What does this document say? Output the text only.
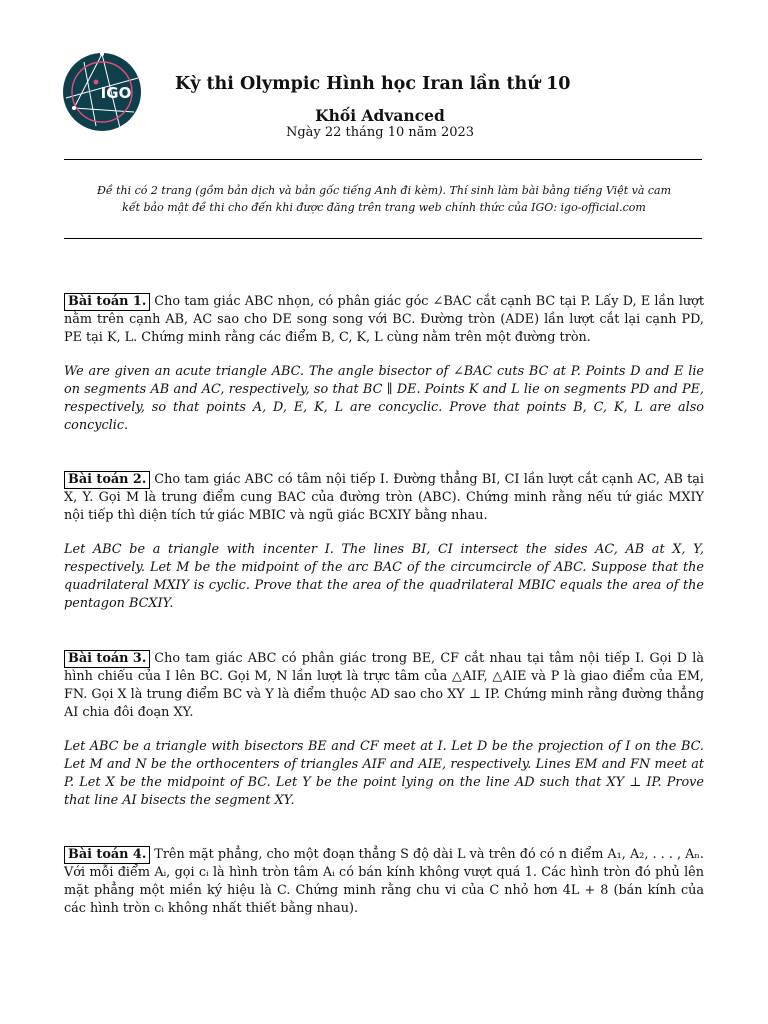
IGO Kỳ thi Olympic Hình học Iran lần thứ 10
Khối Advanced
Ngày 22 tháng 10 năm 2023
Đề thi có 2 trang (gồm bản dịch và bản gốc tiếng Anh đi kèm). Thí sinh làm bài bằng tiếng Việt và cam kết bảo mật đề thi cho đến khi được đăng trên trang web chính thức của IGO: igo-official.com

Bài toán 1. Cho tam giác ABC nhọn, có phân giác góc ∠BAC cắt cạnh BC tại P. Lấy D, E lần lượt nằm trên cạnh AB, AC sao cho DE song song với BC. Đường tròn (ADE) lần lượt cắt lại cạnh PD, PE tại K, L. Chứng minh rằng các điểm B, C, K, L cùng nằm trên một đường tròn.

We are given an acute triangle ABC. The angle bisector of ∠BAC cuts BC at P. Points D and E lie on segments AB and AC, respectively, so that BC ∥ DE. Points K and L lie on segments PD and PE, respectively, so that points A, D, E, K, L are concyclic. Prove that points B, C, K, L are also concyclic.

Bài toán 2. Cho tam giác ABC có tâm nội tiếp I. Đường thẳng BI, CI lần lượt cắt cạnh AC, AB tại X, Y. Gọi M là trung điểm cung BAC của đường tròn (ABC). Chứng minh rằng nếu tứ giác MXIY nội tiếp thì diện tích tứ giác MBIC và ngũ giác BCXIY bằng nhau.

Let ABC be a triangle with incenter I. The lines BI, CI intersect the sides AC, AB at X, Y, respectively. Let M be the midpoint of the arc BAC of the circumcircle of ABC. Suppose that the quadrilateral MXIY is cyclic. Prove that the area of the quadrilateral MBIC equals the area of the pentagon BCXIY.

Bài toán 3. Cho tam giác ABC có phân giác trong BE, CF cắt nhau tại tâm nội tiếp I. Gọi D là hình chiếu của I lên BC. Gọi M, N lần lượt là trực tâm của △AIF, △AIE và P là giao điểm của EM, FN. Gọi X là trung điểm BC và Y là điểm thuộc AD sao cho XY ⊥ IP. Chứng minh rằng đường thẳng AI chia đôi đoạn XY.

Let ABC be a triangle with bisectors BE and CF meet at I. Let D be the projection of I on the BC. Let M and N be the orthocenters of triangles AIF and AIE, respectively. Lines EM and FN meet at P. Let X be the midpoint of BC. Let Y be the point lying on the line AD such that XY ⊥ IP. Prove that line AI bisects the segment XY.

Bài toán 4. Trên mặt phẳng, cho một đoạn thẳng S độ dài L và trên đó có n điểm A₁, A₂, . . . , Aₙ. Với mỗi điểm Aᵢ, gọi cᵢ là hình tròn tâm Aᵢ có bán kính không vượt quá 1. Các hình tròn đó phủ lên mặt phẳng một miền ký hiệu là C. Chứng minh rằng chu vi của C nhỏ hơn 4L + 8 (bán kính của các hình tròn cᵢ không nhất thiết bằng nhau).
